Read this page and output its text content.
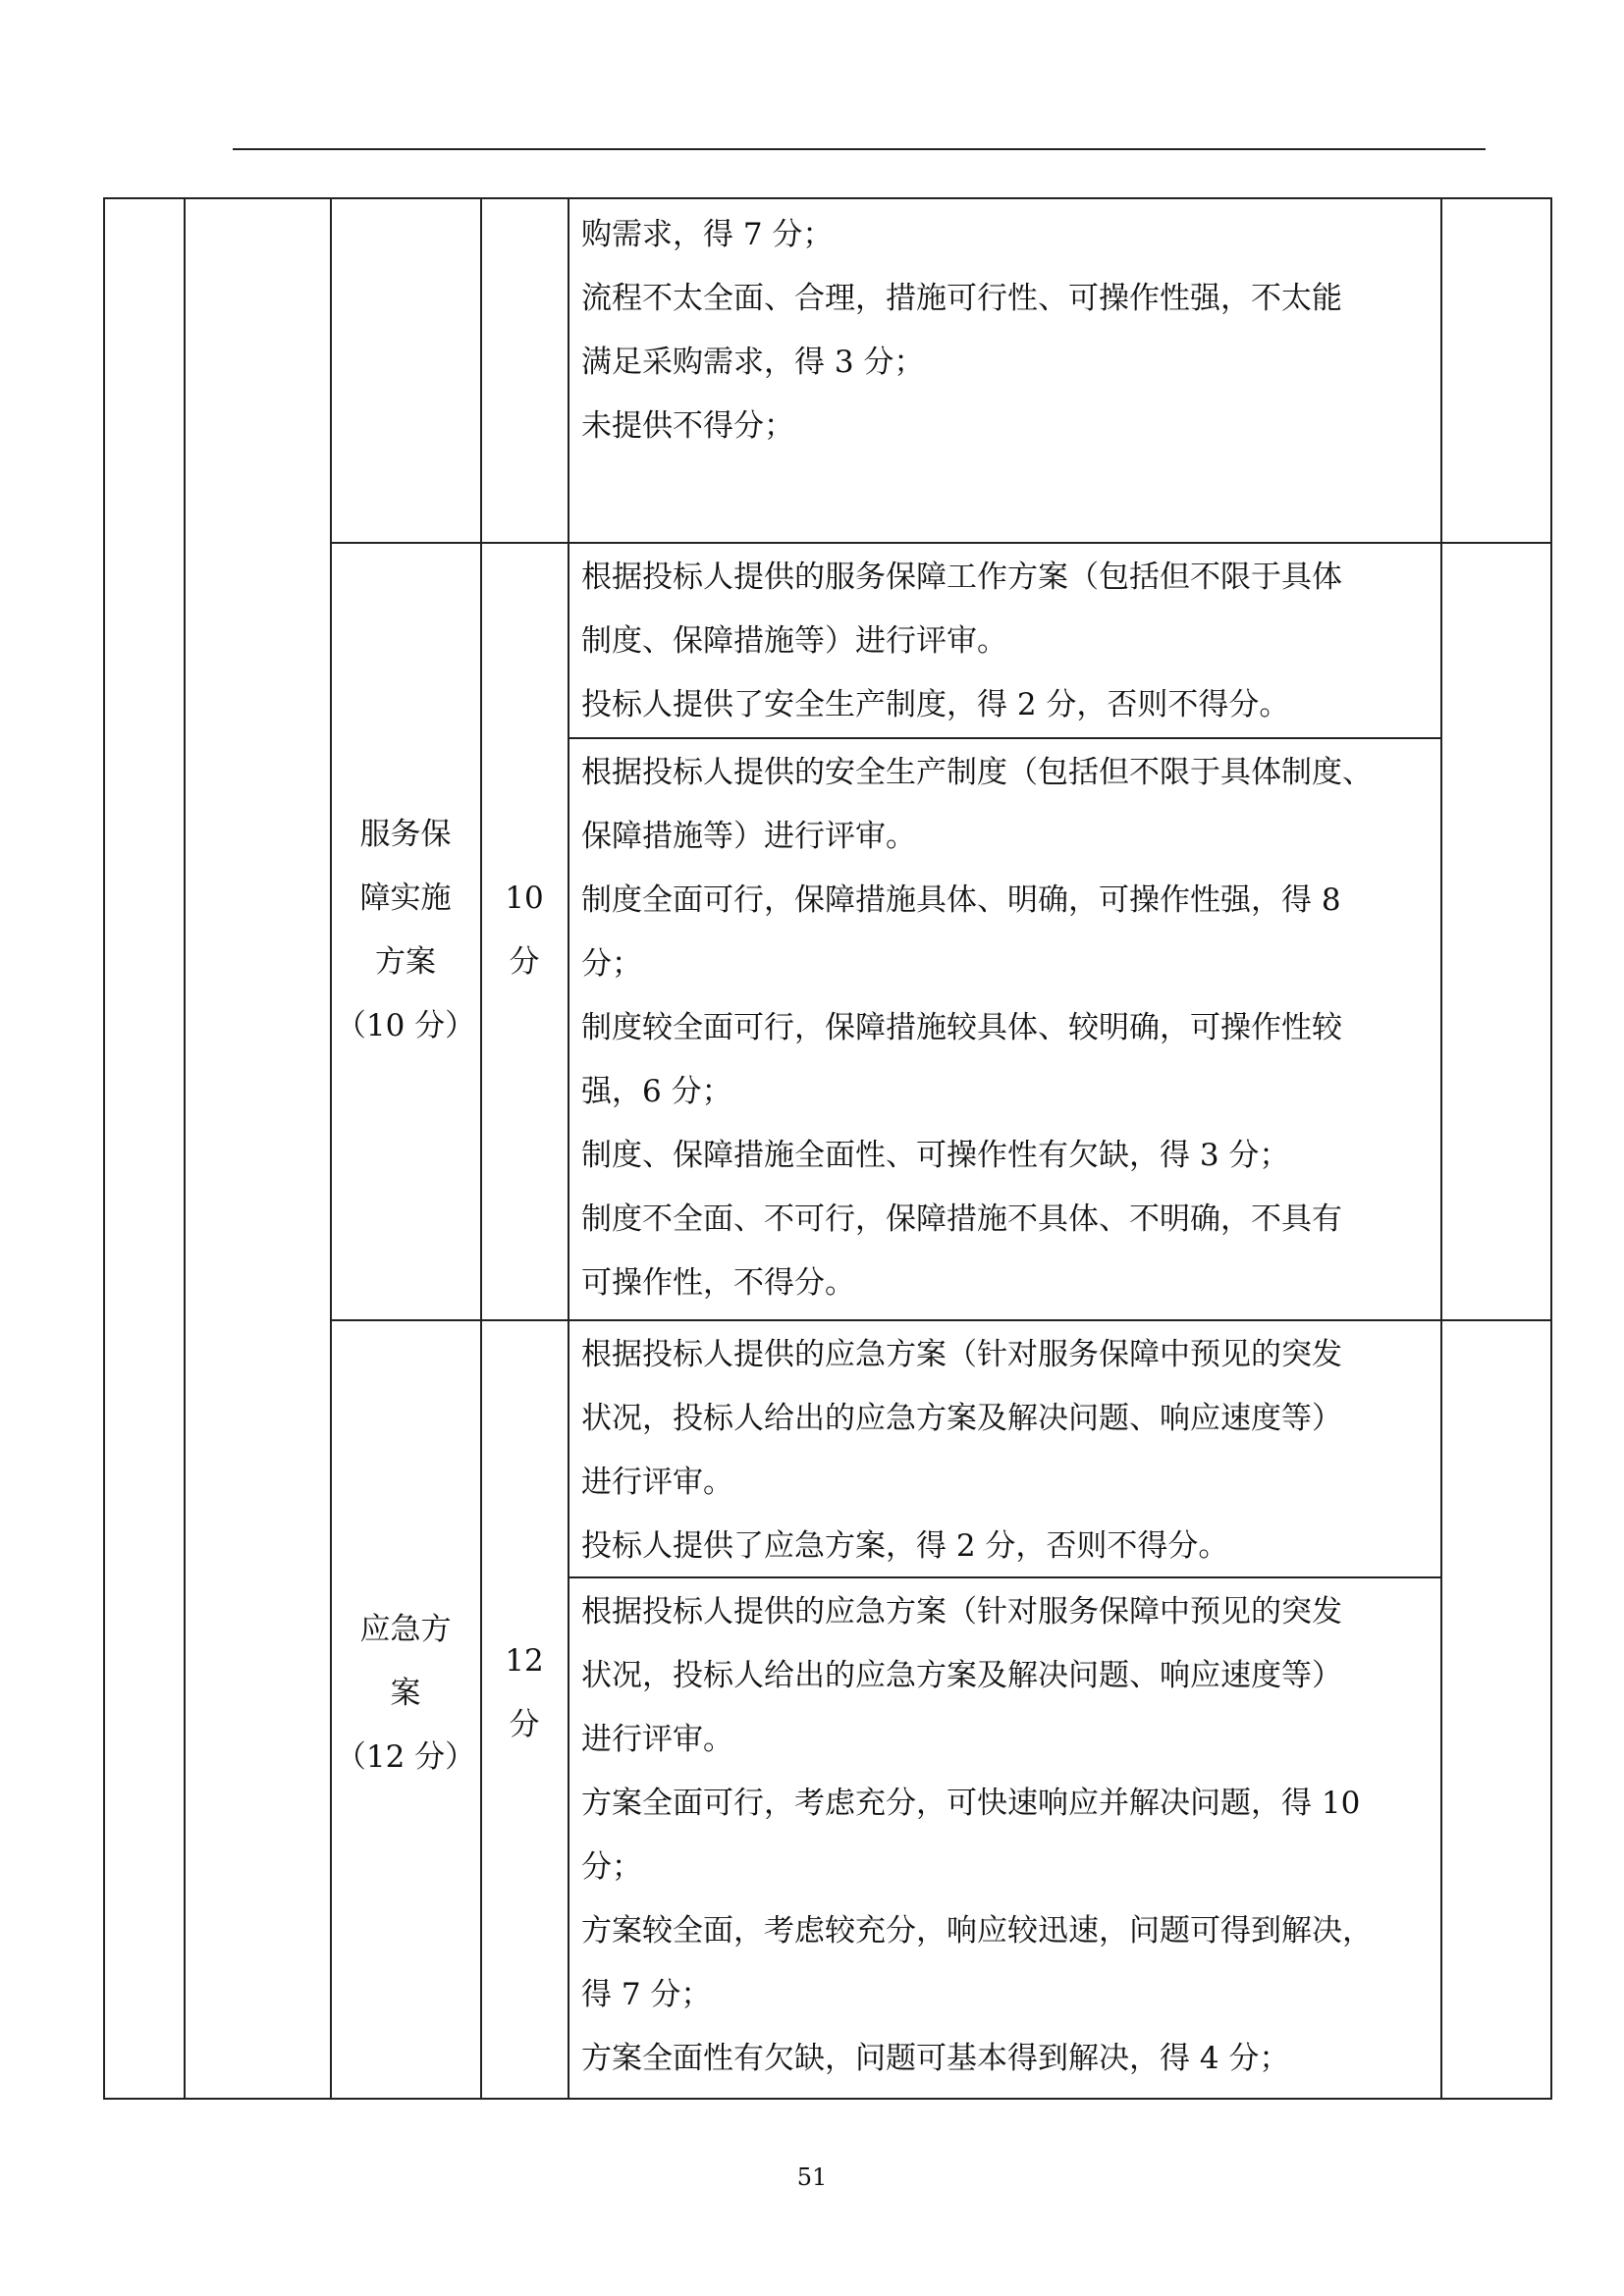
购需求，得 7 分；

流程不太全面、合理，措施可行性、可操作性强，不太能

满足采购需求，得 3 分；

未提供不得分；

服务保

障实施

方案

（10 分）

10

分

根据投标人提供的服务保障工作方案（包括但不限于具体

制度、保障措施等）进行评审。

投标人提供了安全生产制度，得 2 分，否则不得分。

根据投标人提供的安全生产制度（包括但不限于具体制度、

保障措施等）进行评审。

制度全面可行，保障措施具体、明确，可操作性强，得 8

分；

制度较全面可行，保障措施较具体、较明确，可操作性较

强，6 分；

制度、保障措施全面性、可操作性有欠缺，得 3 分；

制度不全面、不可行，保障措施不具体、不明确，不具有

可操作性，不得分。

应急方

案

（12 分）

12

分

根据投标人提供的应急方案（针对服务保障中预见的突发

状况，投标人给出的应急方案及解决问题、响应速度等）

进行评审。

投标人提供了应急方案，得 2 分，否则不得分。

根据投标人提供的应急方案（针对服务保障中预见的突发

状况，投标人给出的应急方案及解决问题、响应速度等）

进行评审。

方案全面可行，考虑充分，可快速响应并解决问题，得 10

分；

方案较全面，考虑较充分，响应较迅速，问题可得到解决，

得 7 分；

方案全面性有欠缺，问题可基本得到解决，得 4 分；

51
